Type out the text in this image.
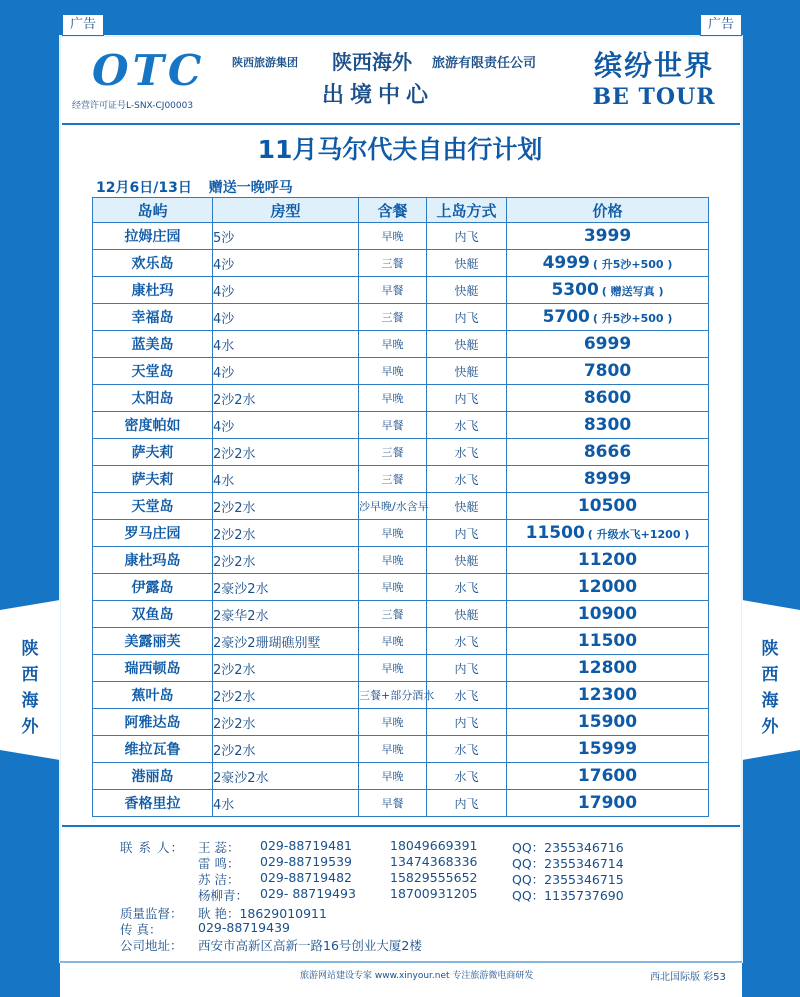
广告	广告
陕
西
海
外
陕
西
海
外
OTC
经营许可证号L-SNX-CJ00003
陕西旅游集团 陕西海外 旅游有限责任公司
出境中心
缤纷世界
BE TOUR
11月马尔代夫自由行计划
12月6日/13日 赠送一晚呼马
岛屿	房型	含餐	上岛方式	价格
拉姆庄园	5沙	早晚	内飞	3999
欢乐岛	4沙	三餐	快艇	4999 ( 升5沙+500 )
康杜玛	4沙	早餐	快艇	5300 ( 赠送写真 )
幸福岛	4沙	三餐	内飞	5700 ( 升5沙+500 )
蓝美岛	4水	早晚	快艇	6999
天堂岛	4沙	早晚	快艇	7800
太阳岛	2沙2水	早晚	内飞	8600
密度帕如	4沙	早餐	水飞	8300
萨夫莉	2沙2水	三餐	水飞	8666
萨夫莉	4水	三餐	水飞	8999
天堂岛	2沙2水	沙早晚/水含早	快艇	10500
罗马庄园	2沙2水	早晚	内飞	11500 ( 升级水飞+1200 )
康杜玛岛	2沙2水	早晚	快艇	11200
伊露岛	2豪沙2水	早晚	水飞	12000
双鱼岛	2豪华2水	三餐	快艇	10900
美露丽芙	2豪沙2珊瑚礁别墅	早晚	水飞	11500
瑞西顿岛	2沙2水	早晚	内飞	12800
蕉叶岛	2沙2水	三餐+部分酒水	水飞	12300
阿雅达岛	2沙2水	早晚	内飞	15900
维拉瓦鲁	2沙2水	早晚	水飞	15999
港丽岛	2豪沙2水	早晚	水飞	17600
香格里拉	4水	早餐	内飞	17900
联 系 人： 王 蕊： 029-88719481	18049669391	QQ：2355346716
雷 鸣： 029-88719539	13474368336	QQ：2355346714
苏 洁： 029-88719482	15829555652	QQ：2355346715
杨柳青： 029- 88719493	18700931205	QQ：1135737690
质量监督： 耿 艳：18629010911
传 真：	029-88719439
公司地址： 西安市高新区高新一路16号创业大厦2楼
旅游网站建设专家 www.xinyour.net 专注旅游微电商研发	西北国际版 彩53
